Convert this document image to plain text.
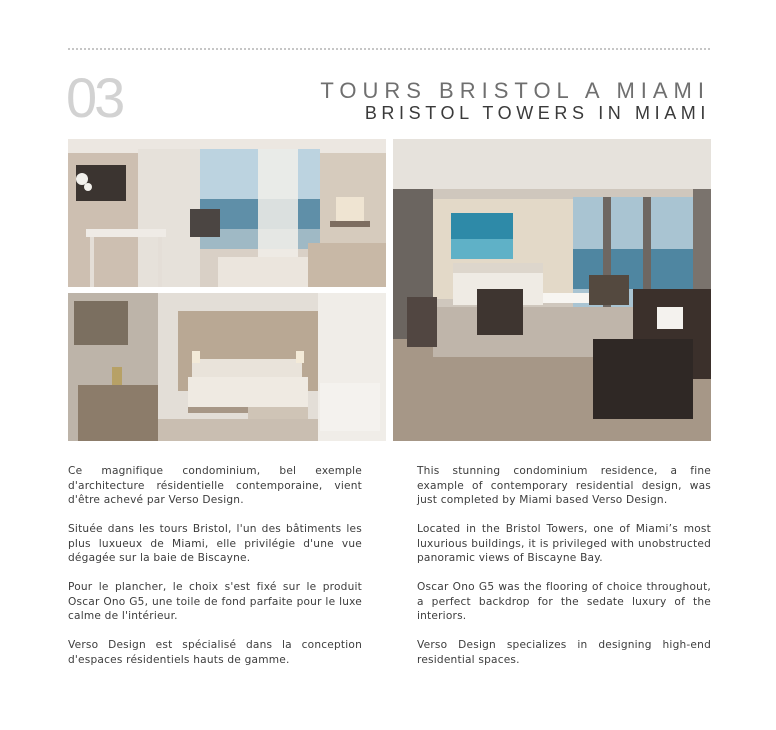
03	TOURS BRISTOL A MIAMI
BRISTOL TOWERS IN MIAMI

Ce magnifique condominium, bel exemple d'architecture résidentielle contemporaine, vient d'être achevé par Verso Design.

Située dans les tours Bristol, l'un des bâtiments les plus luxueux de Miami, elle privilégie d'une vue dégagée sur la baie de Biscayne.

Pour le plancher, le choix s'est fixé sur le produit Oscar Ono G5, une toile de fond parfaite pour le luxe calme de l'intérieur.

Verso Design est spécialisé dans la conception d'espaces résidentiels hauts de gamme.

This stunning condominium residence, a fine example of contemporary residential design, was just completed by Miami based Verso Design.

Located in the Bristol Towers, one of Miami’s most luxurious buildings, it is privileged with unobstructed panoramic views of Biscayne Bay.

Oscar Ono G5 was the flooring of choice throughout, a perfect backdrop for the sedate luxury of the interiors.

Verso Design specializes in designing high-end residential spaces.
